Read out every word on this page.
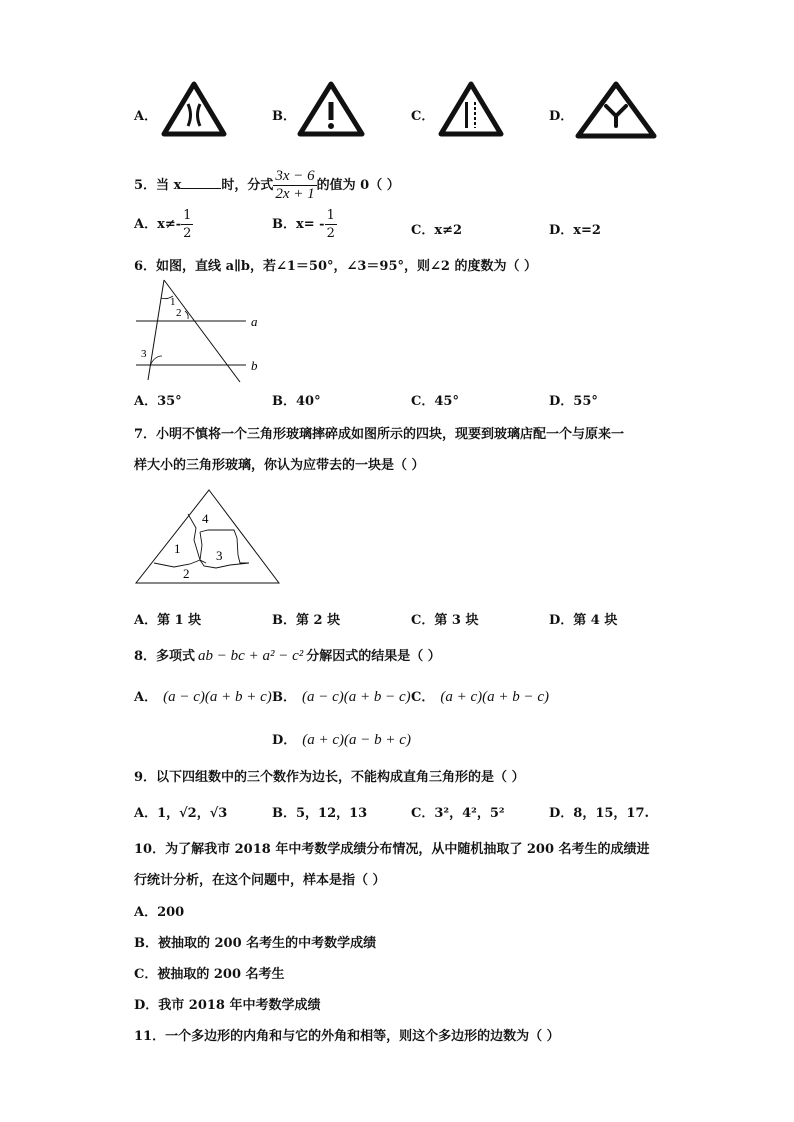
A．	B．	C．	D．
5．当 x	时，分式 $\frac{3x - 6}{2x + 1}$ 的值为 0（ ）
A．$x\ne- \frac{1}{2}$	B．$x= - \frac{1}{2}$	C．x≠2	D．x=2
6．如图，直线 a∥b，若∠1＝50°，∠3＝95°，则∠2 的度数为（ ）
1
2
3
a
b
A．35°	B．40°	C．45°	D．55°
7．小明不慎将一个三角形玻璃摔碎成如图所示的四块，现要到玻璃店配一个与原来一
样大小的三角形玻璃，你认为应带去的一块是（ ）
1
2
3
4
A．第 1 块	B．第 2 块	C．第 3 块	D．第 4 块
8．多项式 ab − bc + a² − c² 分解因式的结果是（ ）
A． (a − c)(a + b + c) B． (a − c)(a + b − c) C． (a + c)(a + b − c)
D． (a + c)(a − b + c)
9．以下四组数中的三个数作为边长，不能构成直角三角形的是（ ）
A．1，√2，√3	B．5，12，13	C．3²，4²，5²	D．8，15，17.
10．为了解我市 2018 年中考数学成绩分布情况，从中随机抽取了 200 名考生的成绩进
行统计分析，在这个问题中，样本是指（ ）
A．200
B．被抽取的 200 名考生的中考数学成绩
C．被抽取的 200 名考生
D．我市 2018 年中考数学成绩
11．一个多边形的内角和与它的外角和相等，则这个多边形的边数为（ ）
